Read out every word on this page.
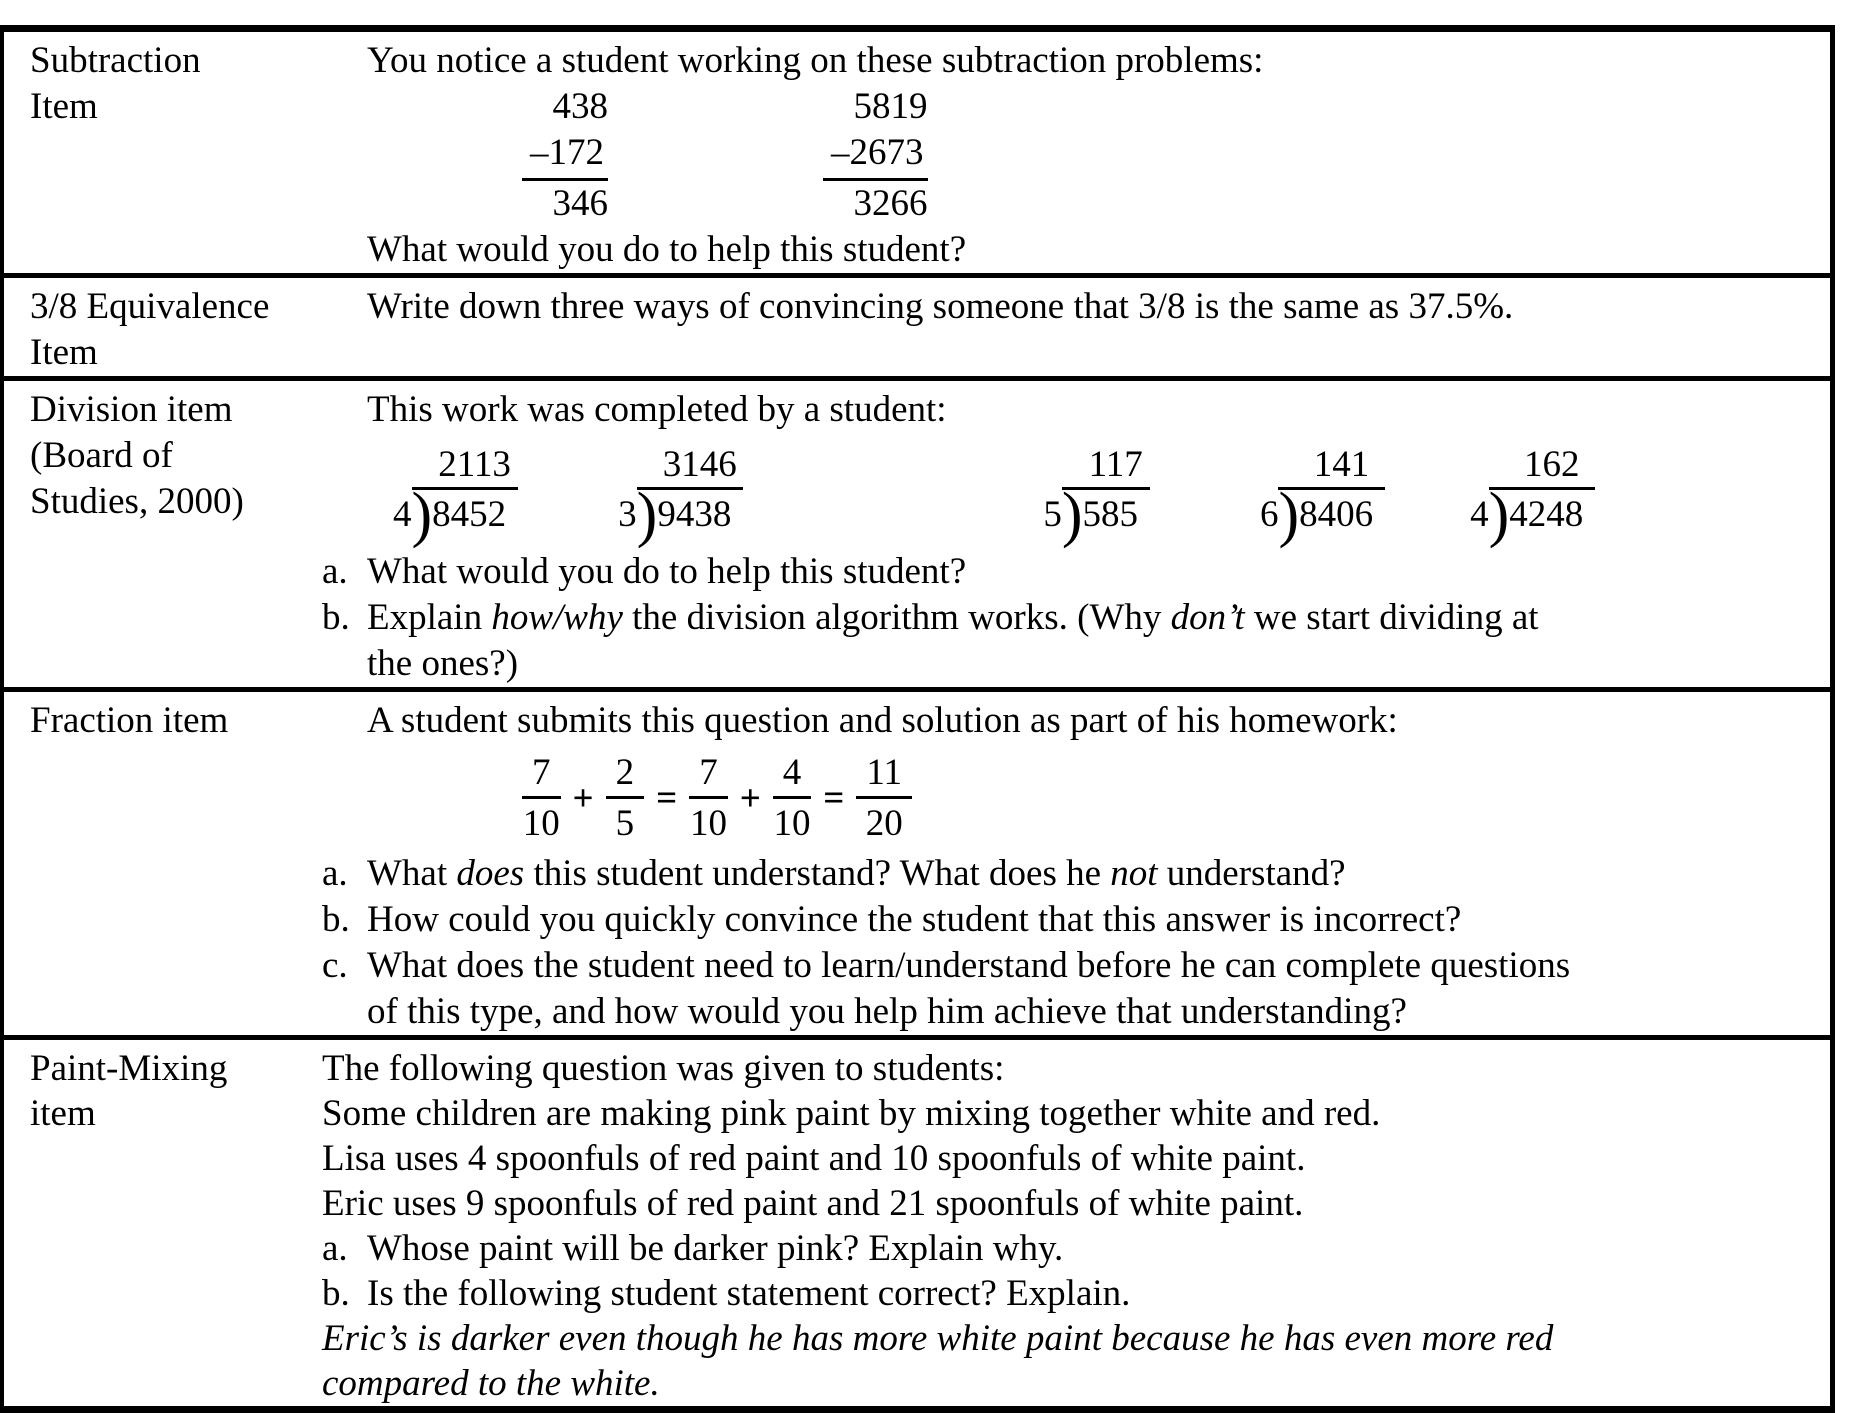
Subtraction
Item
You notice a student working on these subtraction problems:
438
–172
346
5819
–2673
3266
What would you do to help this student?
3/8 Equivalence
Item
Write down three ways of convincing someone that 3/8 is the same as 37.5%.
Division item
(Board of
Studies, 2000)
This work was completed by a student:
2113
4)8452
3146
3)9438
117
5)585
141
6)8406
162
4)4248
a. What would you do to help this student?
b. Explain how/why the division algorithm works. (Why don’t we start dividing at
the ones?)
Fraction item	A student submits this question and solution as part of his homework:
$\frac{7}{10} + \frac{2}{5} = \frac{7}{10} + \frac{4}{10} = \frac{11}{20}$
a. What does this student understand? What does he not understand?
b. How could you quickly convince the student that this answer is incorrect?
c. What does the student need to learn/understand before he can complete questions
of this type, and how would you help him achieve that understanding?
Paint-Mixing
item
The following question was given to students:
Some children are making pink paint by mixing together white and red.
Lisa uses 4 spoonfuls of red paint and 10 spoonfuls of white paint.
Eric uses 9 spoonfuls of red paint and 21 spoonfuls of white paint.
a. Whose paint will be darker pink? Explain why.
b. Is the following student statement correct? Explain.
Eric’s is darker even though he has more white paint because he has even more red
compared to the white.
